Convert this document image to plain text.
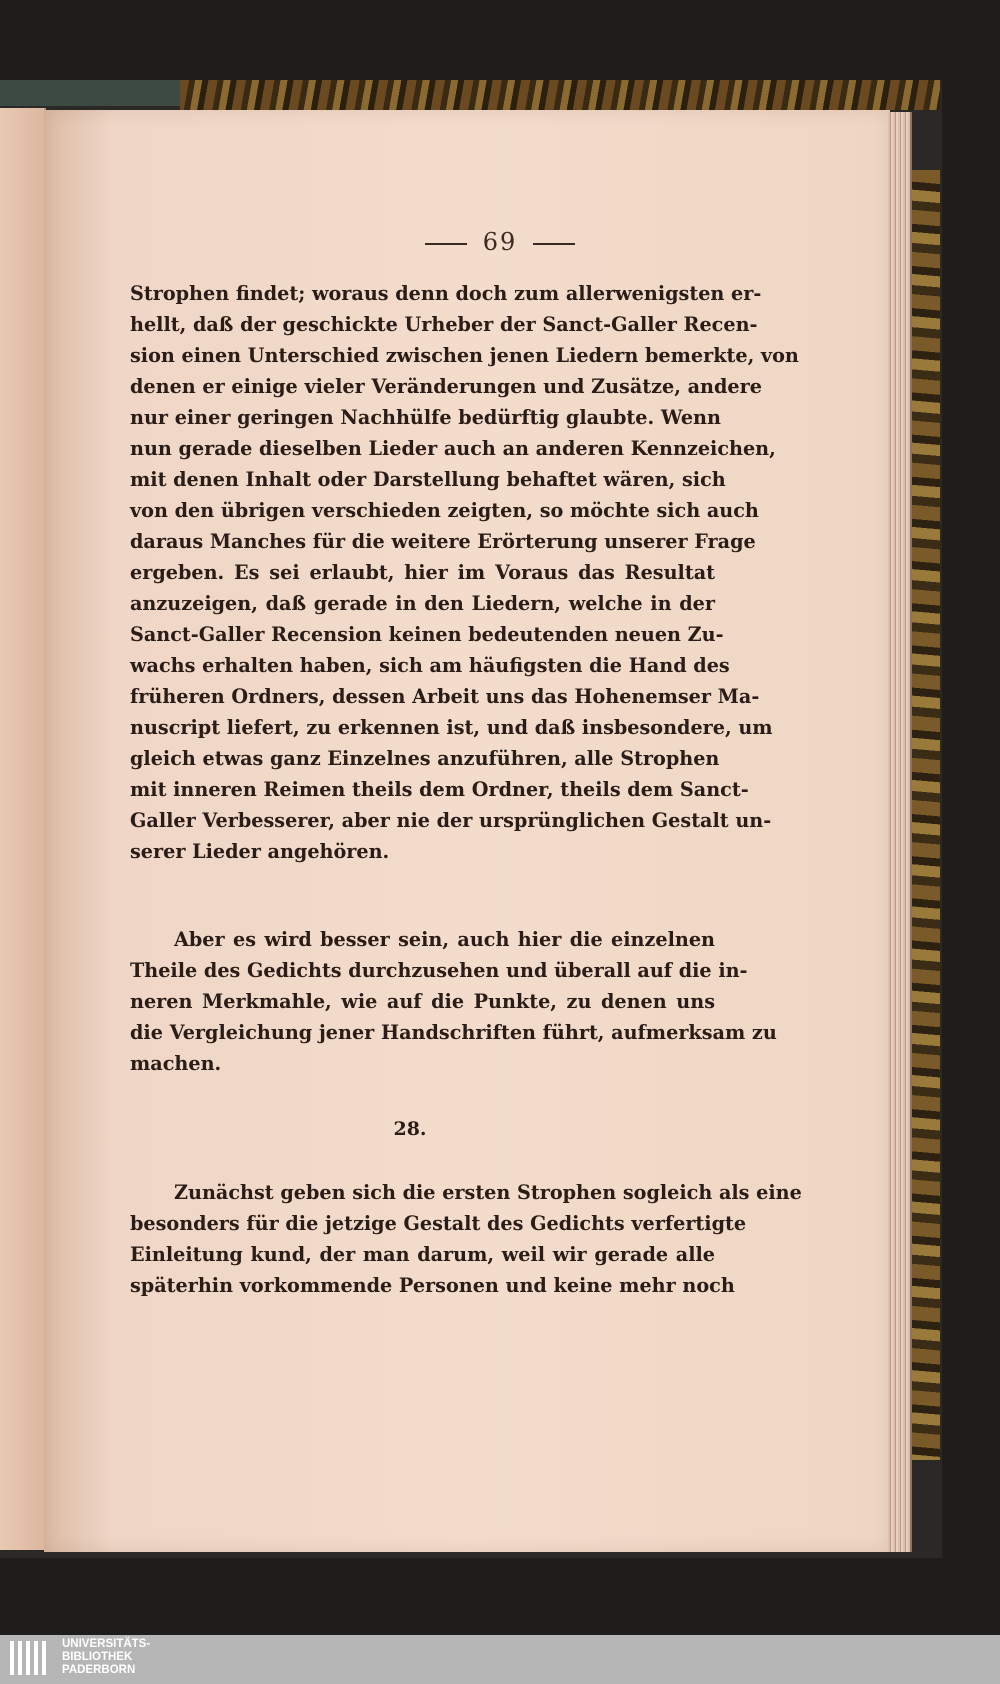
69
Strophen findet; woraus denn doch zum allerwenigsten er-
hellt, daß der geschickte Urheber der Sanct-Galler Recen-
sion einen Unterschied zwischen jenen Liedern bemerkte, von
denen er einige vieler Veränderungen und Zusätze, andere
nur einer geringen Nachhülfe bedürftig glaubte. Wenn
nun gerade dieselben Lieder auch an anderen Kennzeichen,
mit denen Inhalt oder Darstellung behaftet wären, sich
von den übrigen verschieden zeigten, so möchte sich auch
daraus Manches für die weitere Erörterung unserer Frage
ergeben. Es sei erlaubt, hier im Voraus das Resultat
anzuzeigen, daß gerade in den Liedern, welche in der
Sanct-Galler Recension keinen bedeutenden neuen Zu-
wachs erhalten haben, sich am häufigsten die Hand des
früheren Ordners, dessen Arbeit uns das Hohenemser Ma-
nuscript liefert, zu erkennen ist, und daß insbesondere, um
gleich etwas ganz Einzelnes anzuführen, alle Strophen
mit inneren Reimen theils dem Ordner, theils dem Sanct-
Galler Verbesserer, aber nie der ursprünglichen Gestalt un-
serer Lieder angehören.
Aber es wird besser sein, auch hier die einzelnen
Theile des Gedichts durchzusehen und überall auf die in-
neren Merkmahle, wie auf die Punkte, zu denen uns
die Vergleichung jener Handschriften führt, aufmerksam zu
machen.
28.
Zunächst geben sich die ersten Strophen sogleich als eine
besonders für die jetzige Gestalt des Gedichts verfertigte
Einleitung kund, der man darum, weil wir gerade alle
späterhin vorkommende Personen und keine mehr noch
UNIVERSITÄTS-
BIBLIOTHEK
PADERBORN
